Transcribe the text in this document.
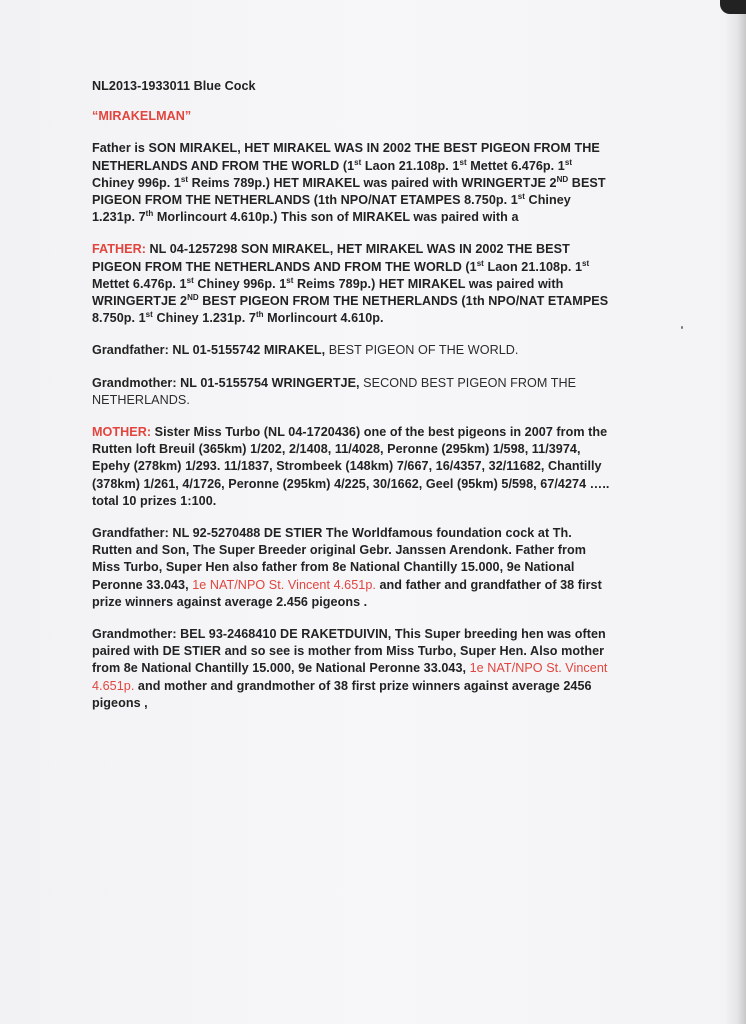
NL2013-1933011 Blue Cock

“MIRAKELMAN”

Father is SON MIRAKEL, HET MIRAKEL WAS IN 2002 THE BEST PIGEON FROM THE NETHERLANDS AND FROM THE WORLD (1st Laon 21.108p. 1st Mettet 6.476p. 1st Chiney 996p. 1st Reims 789p.) HET MIRAKEL was paired with WRINGERTJE 2ND BEST PIGEON FROM THE NETHERLANDS (1th NPO/NAT ETAMPES 8.750p. 1st Chiney 1.231p. 7th Morlincourt 4.610p.) This son of MIRAKEL was paired with a

FATHER: NL 04-1257298 SON MIRAKEL, HET MIRAKEL WAS IN 2002 THE BEST PIGEON FROM THE NETHERLANDS AND FROM THE WORLD (1st Laon 21.108p. 1st Mettet 6.476p. 1st Chiney 996p. 1st Reims 789p.) HET MIRAKEL was paired with WRINGERTJE 2ND BEST PIGEON FROM THE NETHERLANDS (1th NPO/NAT ETAMPES 8.750p. 1st Chiney 1.231p. 7th Morlincourt 4.610p.

Grandfather: NL 01-5155742 MIRAKEL, BEST PIGEON OF THE WORLD.

Grandmother: NL 01-5155754 WRINGERTJE, SECOND BEST PIGEON FROM THE NETHERLANDS.

MOTHER: Sister Miss Turbo (NL 04-1720436) one of the best pigeons in 2007 from the Rutten loft Breuil (365km) 1/202, 2/1408, 11/4028, Peronne (295km) 1/598, 11/3974, Epehy (278km) 1/293. 11/1837, Strombeek (148km) 7/667, 16/4357, 32/11682, Chantilly (378km) 1/261, 4/1726, Peronne (295km) 4/225, 30/1662, Geel (95km) 5/598, 67/4274 ….. total 10 prizes 1:100.

Grandfather: NL 92-5270488 DE STIER The Worldfamous foundation cock at Th. Rutten and Son, The Super Breeder original Gebr. Janssen Arendonk. Father from Miss Turbo, Super Hen also father from 8e National Chantilly 15.000, 9e National Peronne 33.043, 1e NAT/NPO St. Vincent 4.651p. and father and grandfather of 38 first prize winners against average 2.456 pigeons .

Grandmother: BEL 93-2468410 DE RAKETDUIVIN, This Super breeding hen was often paired with DE STIER and so see is mother from Miss Turbo, Super Hen. Also mother from 8e National Chantilly 15.000, 9e National Peronne 33.043, 1e NAT/NPO St. Vincent 4.651p. and mother and grandmother of 38 first prize winners against average 2456 pigeons ,
